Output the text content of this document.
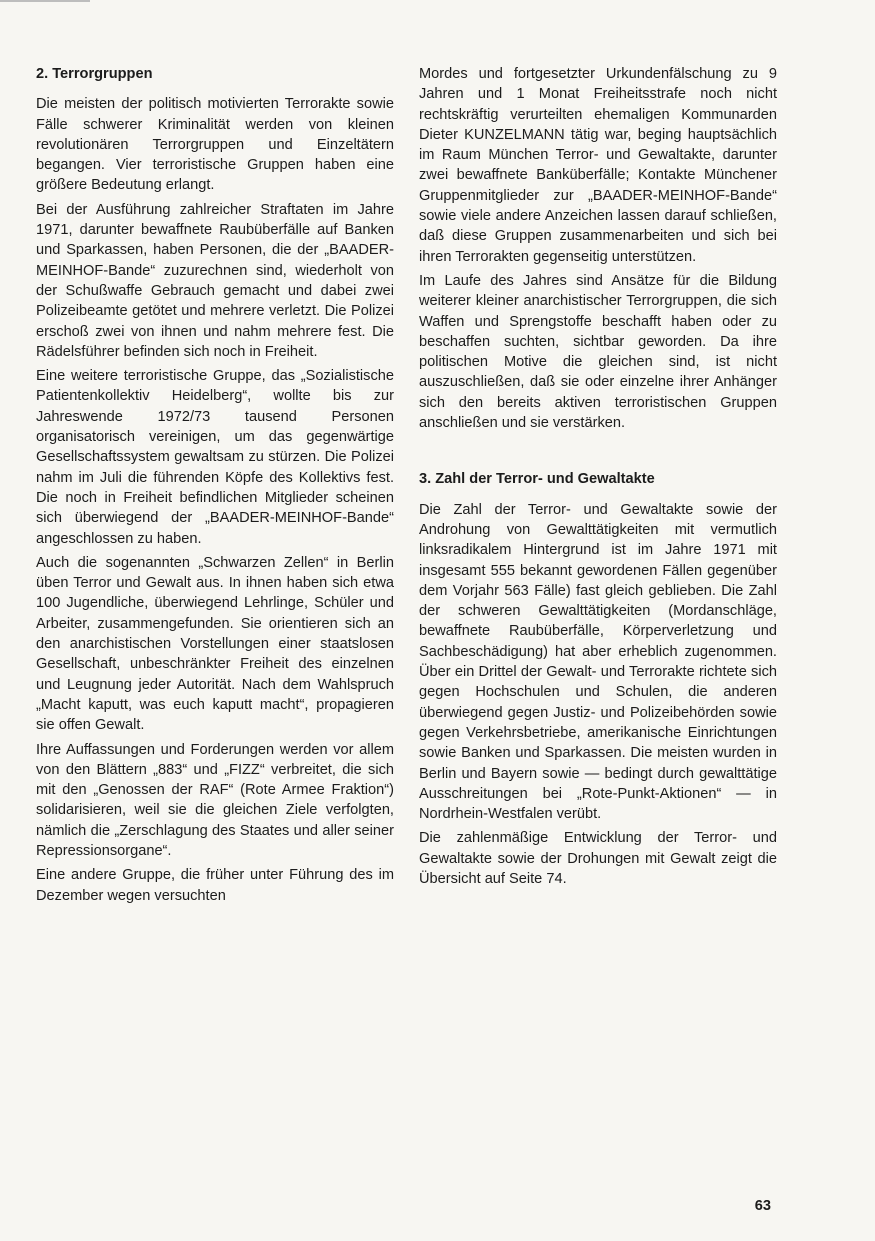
2. Terrorgruppen

Die meisten der politisch motivierten Terrorakte sowie Fälle schwerer Kriminalität werden von kleinen revolutionären Terrorgruppen und Einzeltätern begangen. Vier terroristische Gruppen haben eine größere Bedeutung erlangt.

Bei der Ausführung zahlreicher Straftaten im Jahre 1971, darunter bewaffnete Raubüberfälle auf Banken und Sparkassen, haben Personen, die der „BAADER-MEINHOF-Bande“ zuzurechnen sind, wiederholt von der Schußwaffe Gebrauch gemacht und dabei zwei Polizeibeamte getötet und mehrere verletzt. Die Polizei erschoß zwei von ihnen und nahm mehrere fest. Die Rädelsführer befinden sich noch in Freiheit.

Eine weitere terroristische Gruppe, das „Sozialistische Patientenkollektiv Heidelberg“, wollte bis zur Jahreswende 1972/73 tausend Personen organisatorisch vereinigen, um das gegenwärtige Gesellschaftssystem gewaltsam zu stürzen. Die Polizei nahm im Juli die führenden Köpfe des Kollektivs fest. Die noch in Freiheit befindlichen Mitglieder scheinen sich überwiegend der „BAADER-MEINHOF-Bande“ angeschlossen zu haben.

Auch die sogenannten „Schwarzen Zellen“ in Berlin üben Terror und Gewalt aus. In ihnen haben sich etwa 100 Jugendliche, überwiegend Lehrlinge, Schüler und Arbeiter, zusammengefunden. Sie orientieren sich an den anarchistischen Vorstellungen einer staatslosen Gesellschaft, unbeschränkter Freiheit des einzelnen und Leugnung jeder Autorität. Nach dem Wahlspruch „Macht kaputt, was euch kaputt macht“, propagieren sie offen Gewalt.

Ihre Auffassungen und Forderungen werden vor allem von den Blättern „883“ und „FIZZ“ verbreitet, die sich mit den „Genossen der RAF“ (Rote Armee Fraktion“) solidarisieren, weil sie die gleichen Ziele verfolgten, nämlich die „Zerschlagung des Staates und aller seiner Repressionsorgane“.

Eine andere Gruppe, die früher unter Führung des im Dezember wegen versuchten

Mordes und fortgesetzter Urkundenfälschung zu 9 Jahren und 1 Monat Freiheitsstrafe noch nicht rechtskräftig verurteilten ehemaligen Kommunarden Dieter KUNZELMANN tätig war, beging hauptsächlich im Raum München Terror- und Gewaltakte, darunter zwei bewaffnete Banküberfälle; Kontakte Münchener Gruppenmitglieder zur „BAADER-MEINHOF-Bande“ sowie viele andere Anzeichen lassen darauf schließen, daß diese Gruppen zusammenarbeiten und sich bei ihren Terrorakten gegenseitig unterstützen.

Im Laufe des Jahres sind Ansätze für die Bildung weiterer kleiner anarchistischer Terrorgruppen, die sich Waffen und Sprengstoffe beschafft haben oder zu beschaffen suchten, sichtbar geworden. Da ihre politischen Motive die gleichen sind, ist nicht auszuschließen, daß sie oder einzelne ihrer Anhänger sich den bereits aktiven terroristischen Gruppen anschließen und sie verstärken.

3. Zahl der Terror- und Gewaltakte

Die Zahl der Terror- und Gewaltakte sowie der Androhung von Gewalttätigkeiten mit vermutlich linksradikalem Hintergrund ist im Jahre 1971 mit insgesamt 555 bekannt gewordenen Fällen gegenüber dem Vorjahr 563 Fälle) fast gleich geblieben. Die Zahl der schweren Gewalttätigkeiten (Mordanschläge, bewaffnete Raubüberfälle, Körperverletzung und Sachbeschädigung) hat aber erheblich zugenommen. Über ein Drittel der Gewalt- und Terrorakte richtete sich gegen Hochschulen und Schulen, die anderen überwiegend gegen Justiz- und Polizeibehörden sowie gegen Verkehrsbetriebe, amerikanische Einrichtungen sowie Banken und Sparkassen. Die meisten wurden in Berlin und Bayern sowie — bedingt durch gewalttätige Ausschreitungen bei „Rote-Punkt-Aktionen“ — in Nordrhein-Westfalen verübt.

Die zahlenmäßige Entwicklung der Terror- und Gewaltakte sowie der Drohungen mit Gewalt zeigt die Übersicht auf Seite 74.

63
